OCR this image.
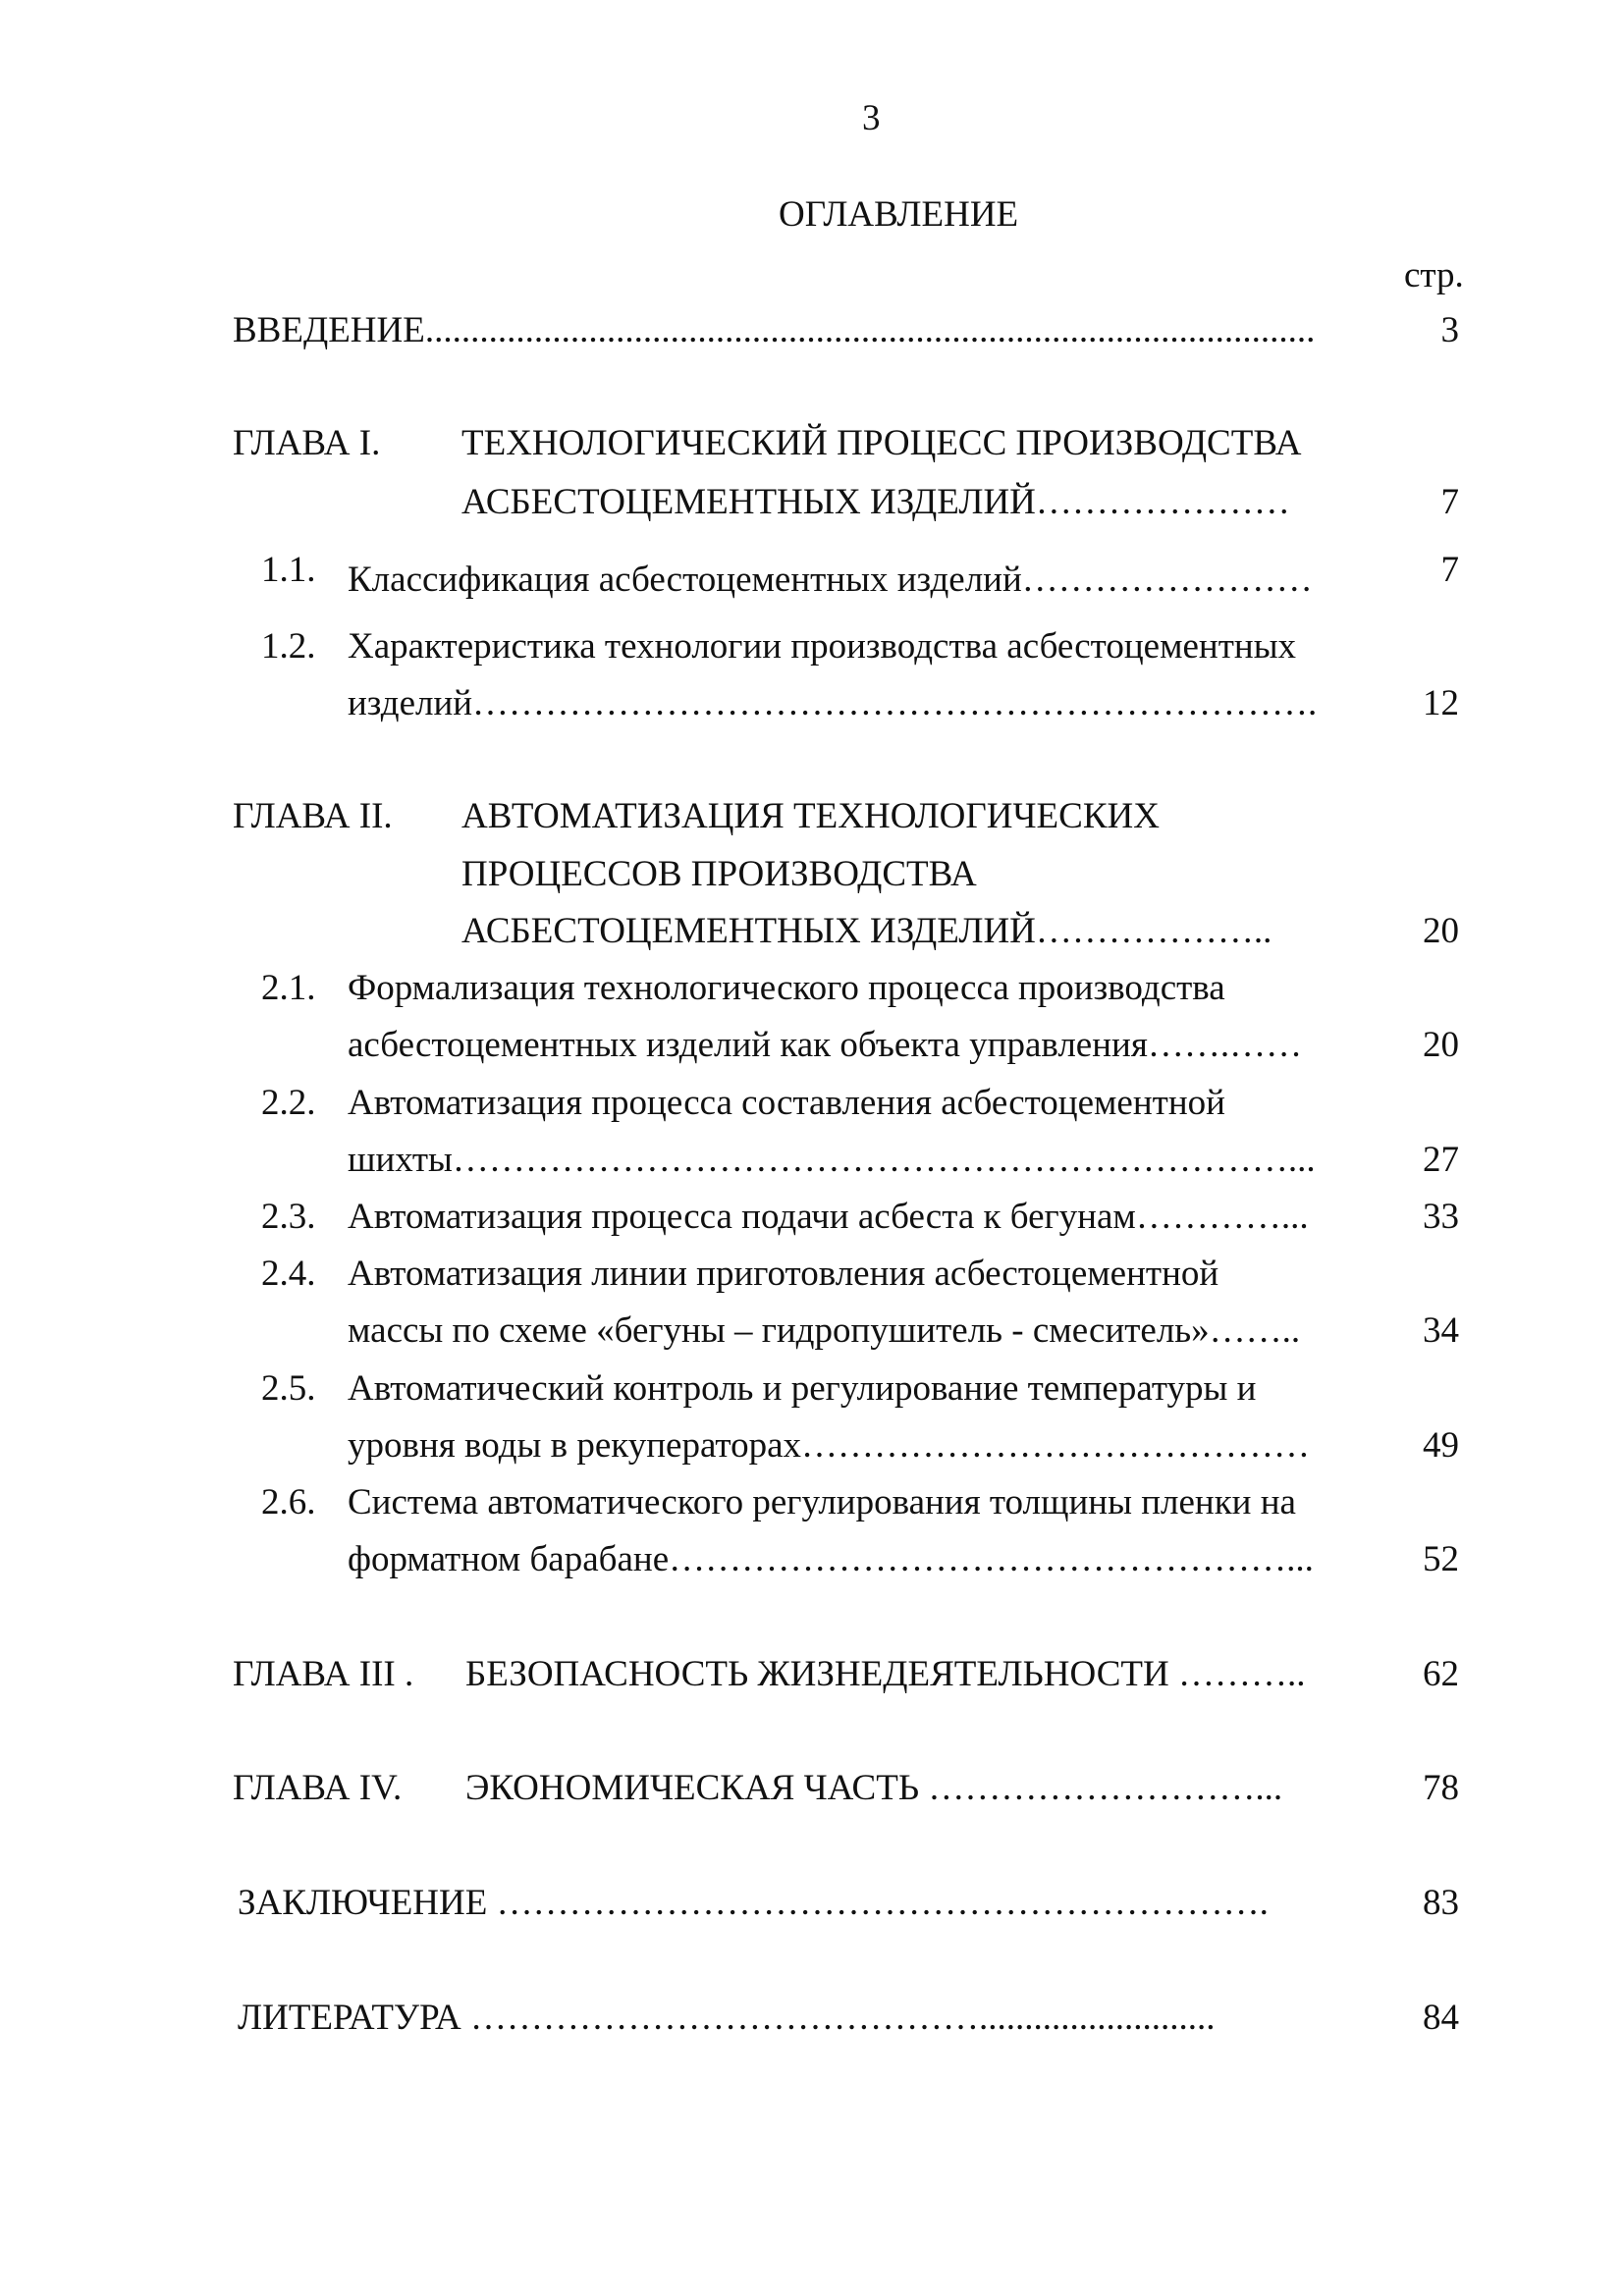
3
ОГЛАВЛЕНИЕ
стр.
ВВЕДЕНИЕ..................................................................................................	3
ГЛАВА I. ТЕХНОЛОГИЧЕСКИЙ ПРОЦЕСС ПРОИЗВОДСТВА
АСБЕСТОЦЕМЕНТНЫХ ИЗДЕЛИЙ…………………	7
1.1. Классификация асбестоцементных изделий……………………	7
1.2. Характеристика технологии производства асбестоцементных
изделий…………………………………………………………….	12
ГЛАВА II. АВТОМАТИЗАЦИЯ ТЕХНОЛОГИЧЕСКИХ
ПРОЦЕССОВ ПРОИЗВОДСТВА
АСБЕСТОЦЕМЕНТНЫХ ИЗДЕЛИЙ………………..	20
2.1. Формализация технологического процесса производства
асбестоцементных изделий как объекта управления…….……	20
2.2. Автоматизация процесса составления асбестоцементной
шихты……………………………………………………………...	27
2.3. Автоматизация процесса подачи асбеста к бегунам…………...	33
2.4. Автоматизация линии приготовления асбестоцементной
массы по схеме «бегуны – гидропушитель - смеситель»……..	34
2.5. Автоматический контроль и регулирование температуры и
уровня воды в рекуператорах……………………………………	49
2.6. Система автоматического регулирования толщины пленки на
форматном барабане……………………………………………...	52
ГЛАВА III . БЕЗОПАСНОСТЬ ЖИЗНЕДЕЯТЕЛЬНОСТИ ………..	62
ГЛАВА IV. ЭКОНОМИЧЕСКАЯ ЧАСТЬ ………………………...	78
ЗАКЛЮЧЕНИЕ ……………………………………………………….	83
ЛИТЕРАТУРА ……………………………………..........................	84
